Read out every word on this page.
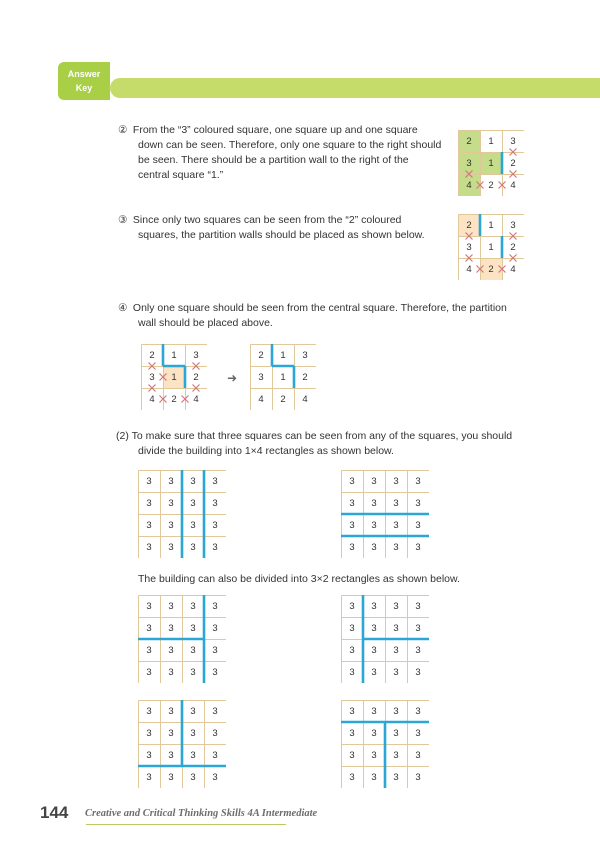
Answer
Key
② From the “3” coloured square, one square up and one square
down can be seen. Therefore, only one square to the right should
be seen. There should be a partition wall to the right of the
central square “1.”
③ Since only two squares can be seen from the “2” coloured
squares, the partition walls should be placed as shown below.
④ Only one square should be seen from the central square. Therefore, the partition
wall should be placed above.
➜
(2) To make sure that three squares can be seen from any of the squares, you should
divide the building into 1×4 rectangles as shown below.
The building can also be divided into 3×2 rectangles as shown below.
2	1	3
3	1	2
4	2	4
2	1	3
3	1	2
4	2	4
2	1	3
3	1	2
4	2	4
2	1	3
3	1	2
4	2	4
3	3	3	3
3	3	3	3
3	3	3	3
3	3	3	3
3	3	3	3
3	3	3	3
3	3	3	3
3	3	3	3
3	3	3	3
3	3	3	3
3	3	3	3
3	3	3	3
3	3	3	3
3	3	3	3
3	3	3	3
3	3	3	3
3	3	3	3
3	3	3	3
3	3	3	3
3	3	3	3
3	3	3	3
3	3	3	3
3	3	3	3
3	3	3	3
144 Creative and Critical Thinking Skills 4A Intermediate
